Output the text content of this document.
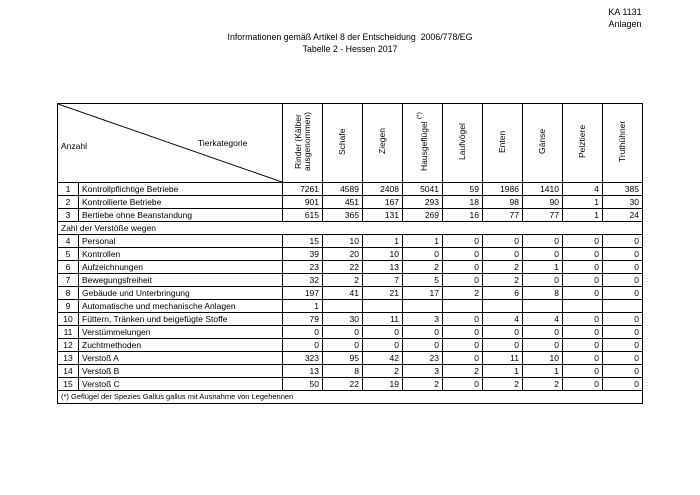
KA 1131
Anlagen
Informationen gemäß Artikel 8 der Entscheidung  2006/778/EG
Tabelle 2 - Hessen 2017
Anzahl Tierkategorie		Rinder (Kälber ausgenommen)	Schafe	Ziegen	Hausgeflügel (*)	Laufvögel	Enten	Gänse	Pelztiere	Truthühner
1	Kontrollpflichtige Betriebe	7261	4589	2408	5041	59	1986	1410	4	385
2	Kontrollierte Betriebe	901	451	167	293	18	98	90	1	30
3	Bertiebe ohne Beanstandung	615	365	131	269	16	77	77	1	24
Zahl der Verstöße wegen										
4	Personal	15	10	1	1	0	0	0	0	0
5	Kontrollen	39	20	10	0	0	0	0	0	0
6	Aufzeichnungen	23	22	13	2	0	2	1	0	0
7	Bewegungsfreiheit	32	2	7	5	0	2	0	0	0
8	Gebäude und Unterbringung	197	41	21	17	2	6	8	0	0
9	Automatische und mechanische Anlagen	1								
10	Füttern, Tränken und beigefügte Stoffe	79	30	11	3	0	4	4	0	0
11	Verstümmelungen	0	0	0	0	0	0	0	0	0
12	Zuchtmethoden	0	0	0	0	0	0	0	0	0
13	Verstoß A	323	95	42	23	0	11	10	0	0
14	Verstoß B	13	8	2	3	2	1	1	0	0
15	Verstoß C	50	22	19	2	0	2	2	0	0
(*) Geflügel der Spezies Gallus gallus mit Ausnahme von Legehennen										
